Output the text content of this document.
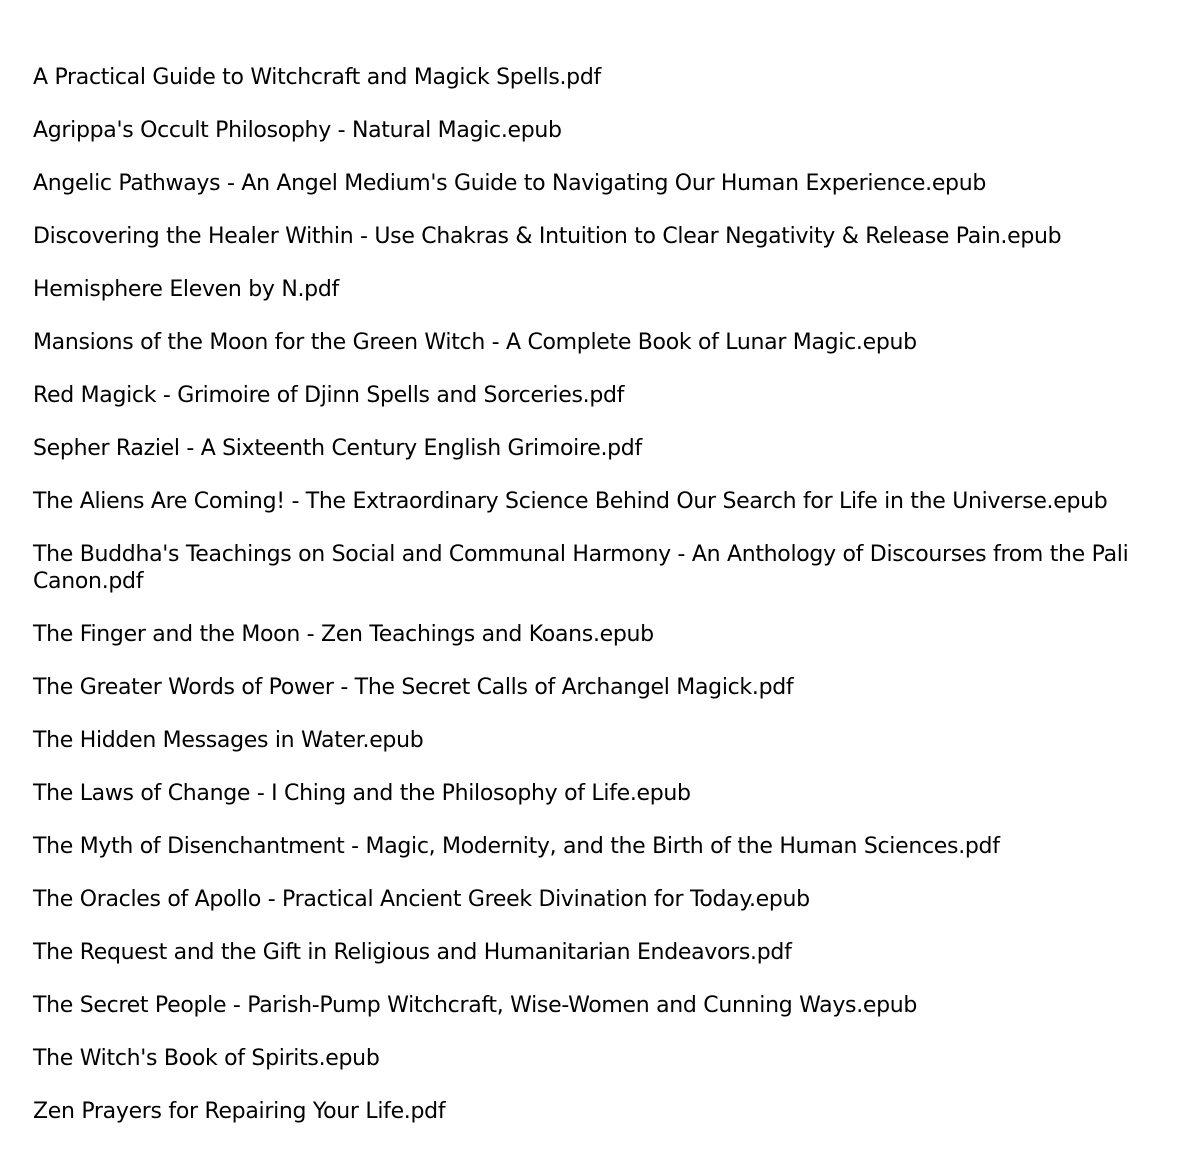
A Practical Guide to Witchcraft and Magick Spells.pdf
Agrippa's Occult Philosophy - Natural Magic.epub
Angelic Pathways - An Angel Medium's Guide to Navigating Our Human Experience.epub
Discovering the Healer Within - Use Chakras & Intuition to Clear Negativity & Release Pain.epub
Hemisphere Eleven by N.pdf
Mansions of the Moon for the Green Witch - A Complete Book of Lunar Magic.epub
Red Magick - Grimoire of Djinn Spells and Sorceries.pdf
Sepher Raziel - A Sixteenth Century English Grimoire.pdf
The Aliens Are Coming! - The Extraordinary Science Behind Our Search for Life in the Universe.epub
The Buddha's Teachings on Social and Communal Harmony - An Anthology of Discourses from the Pali Canon.pdf
The Finger and the Moon - Zen Teachings and Koans.epub
The Greater Words of Power - The Secret Calls of Archangel Magick.pdf
The Hidden Messages in Water.epub
The Laws of Change - I Ching and the Philosophy of Life.epub
The Myth of Disenchantment - Magic, Modernity, and the Birth of the Human Sciences.pdf
The Oracles of Apollo - Practical Ancient Greek Divination for Today.epub
The Request and the Gift in Religious and Humanitarian Endeavors.pdf
The Secret People - Parish-Pump Witchcraft, Wise-Women and Cunning Ways.epub
The Witch's Book of Spirits.epub
Zen Prayers for Repairing Your Life.pdf
